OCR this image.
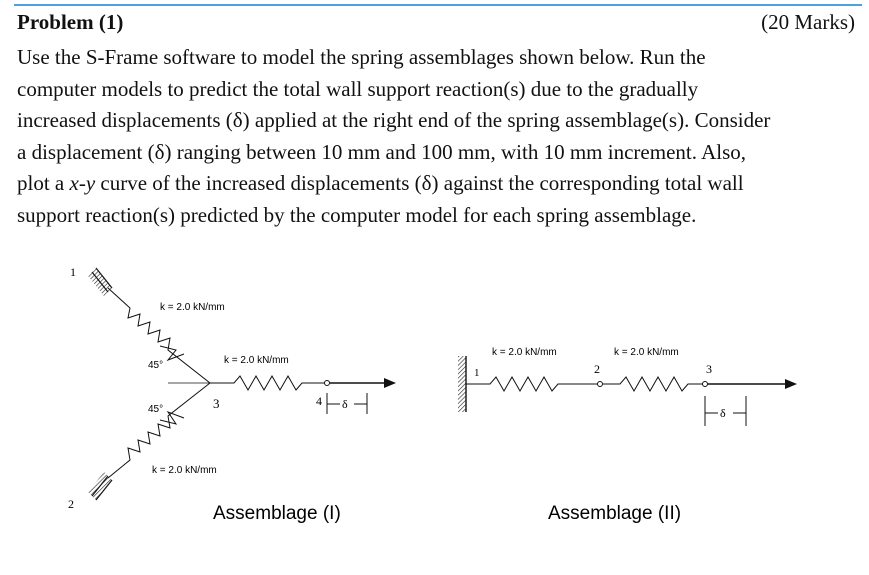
Problem (1)	(20 Marks)
Use the S-Frame software to model the spring assemblages shown below. Run the
computer models to predict the total wall support reaction(s) due to the gradually
increased displacements (δ) applied at the right end of the spring assemblage(s). Consider
a displacement (δ) ranging between 10 mm and 100 mm, with 10 mm increment. Also,
plot a x-y curve of the increased displacements (δ) against the corresponding total wall
support reaction(s) predicted by the computer model for each spring assemblage.
1
2
45°
45°	3	4 δ
k = 2.0 kN/mm
k = 2.0 kN/mm
k = 2.0 kN/mm
Assemblage (I)
1	2	3
δ
k = 2.0 kN/mm	k = 2.0 kN/mm
Assemblage (II)
